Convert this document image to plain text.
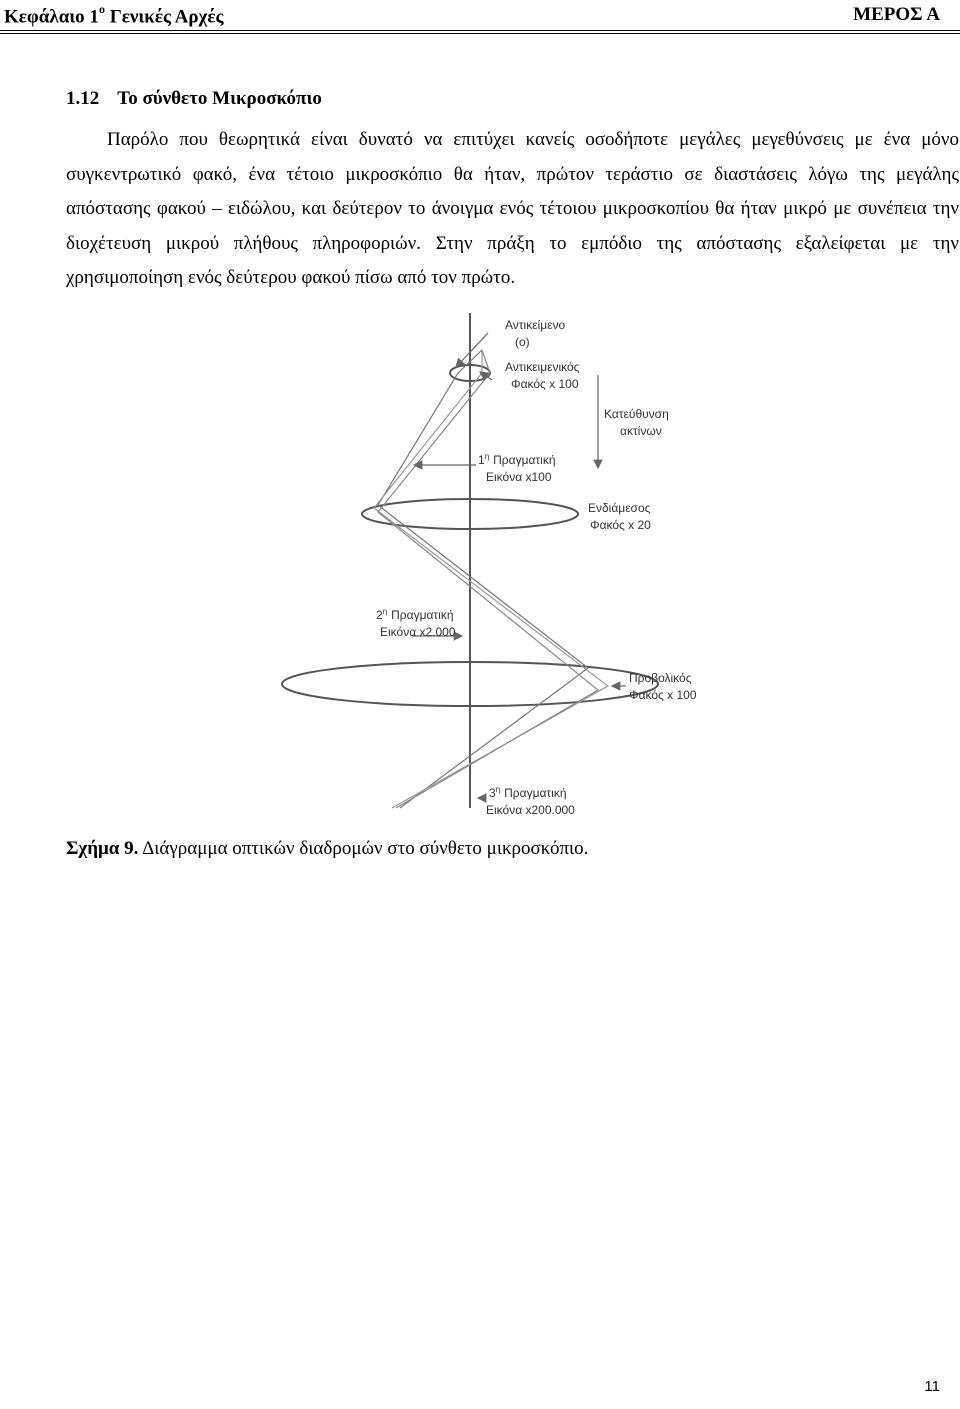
Κεφάλαιο $1^o$ Γενικές Αρχές	ΜΕΡΟΣ Α
1.12 Το σύνθετο Μικροσκόπιο
Παρόλο που θεωρητικά είναι δυνατό να επιτύχει κανείς οσοδήποτε μεγάλες μεγεθύνσεις με ένα μόνο συγκεντρωτικό φακό, ένα τέτοιο μικροσκόπιο θα ήταν, πρώτον τεράστιο σε διαστάσεις λόγω της μεγάλης απόστασης φακού – ειδώλου, και δεύτερον το άνοιγμα ενός τέτοιου μικροσκοπίου θα ήταν μικρό με συνέπεια την διοχέτευση μικρού πλήθους πληροφοριών. Στην πράξη το εμπόδιο της απόστασης εξαλείφεται με την χρησιμοποίηση ενός δεύτερου φακού πίσω από τον πρώτο.
Αντικείμενο
(ο)
Αντικειμενικός
Φακός x 100
Κατεύθυνση
ακτίνων
$1^\eta$ Πραγματική
Εικόνα x100
Ενδιάμεσος
Φακός x 20
$2^\eta$ Πραγματική
Εικόνα x2.000
Προβολικός
Φακός x 100
$3^\eta$ Πραγματική
Εικόνα x200.000
Σχήμα 9. Διάγραμμα οπτικών διαδρομών στο σύνθετο μικροσκόπιο.
11
